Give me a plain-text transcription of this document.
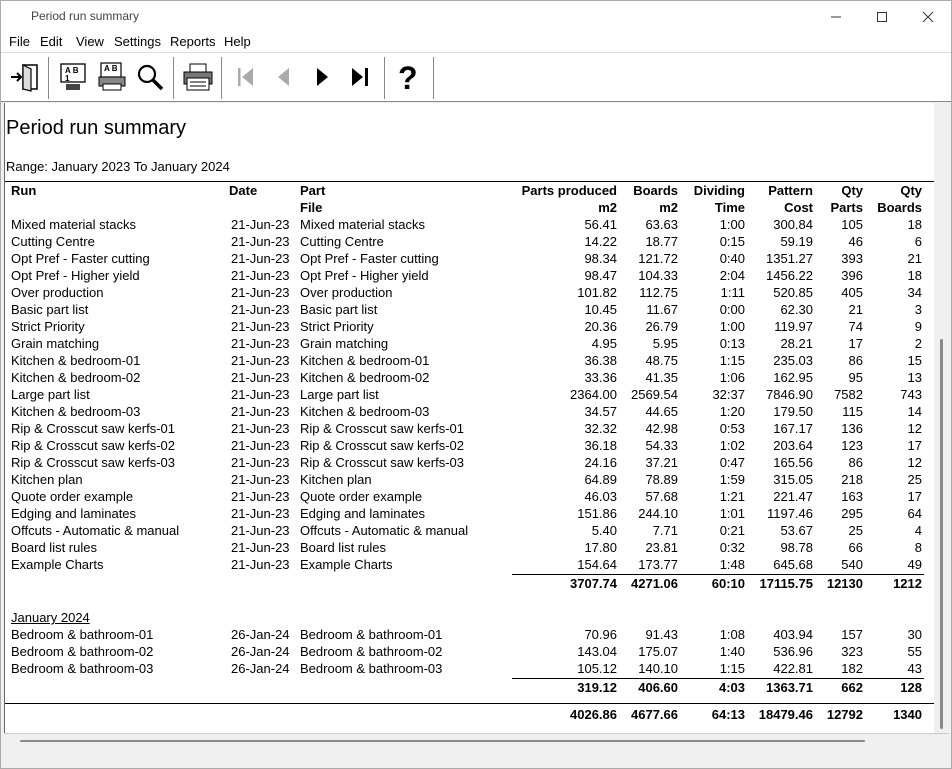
Period run summary
File Edit View Settings Reports Help
A B
1
A B	?
Period run summary
Range: January 2023 To January 2024
Run	Date	Part	Parts produced	Boards	Dividing	Pattern	Qty	Qty
File	m2	m2	Time	Cost	Parts	Boards
Mixed material stacks	21-Jun-23 Mixed material stacks	56.41	63.63	1:00	300.84	105	18
Cutting Centre	21-Jun-23 Cutting Centre	14.22	18.77	0:15	59.19	46	6
Opt Pref - Faster cutting	21-Jun-23 Opt Pref - Faster cutting	98.34	121.72	0:40	1351.27	393	21
Opt Pref - Higher yield	21-Jun-23 Opt Pref - Higher yield	98.47	104.33	2:04	1456.22	396	18
Over production	21-Jun-23 Over production	101.82	112.75	1:11	520.85	405	34
Basic part list	21-Jun-23 Basic part list	10.45	11.67	0:00	62.30	21	3
Strict Priority	21-Jun-23 Strict Priority	20.36	26.79	1:00	119.97	74	9
Grain matching	21-Jun-23 Grain matching	4.95	5.95	0:13	28.21	17	2
Kitchen & bedroom-01	21-Jun-23 Kitchen & bedroom-01	36.38	48.75	1:15	235.03	86	15
Kitchen & bedroom-02	21-Jun-23 Kitchen & bedroom-02	33.36	41.35	1:06	162.95	95	13
Large part list	21-Jun-23 Large part list	2364.00	2569.54	32:37	7846.90	7582	743
Kitchen & bedroom-03	21-Jun-23 Kitchen & bedroom-03	34.57	44.65	1:20	179.50	115	14
Rip & Crosscut saw kerfs-01	21-Jun-23 Rip & Crosscut saw kerfs-01	32.32	42.98	0:53	167.17	136	12
Rip & Crosscut saw kerfs-02	21-Jun-23 Rip & Crosscut saw kerfs-02	36.18	54.33	1:02	203.64	123	17
Rip & Crosscut saw kerfs-03	21-Jun-23 Rip & Crosscut saw kerfs-03	24.16	37.21	0:47	165.56	86	12
Kitchen plan	21-Jun-23 Kitchen plan	64.89	78.89	1:59	315.05	218	25
Quote order example	21-Jun-23 Quote order example	46.03	57.68	1:21	221.47	163	17
Edging and laminates	21-Jun-23 Edging and laminates	151.86	244.10	1:01	1197.46	295	64
Offcuts - Automatic & manual	21-Jun-23 Offcuts - Automatic & manual	5.40	7.71	0:21	53.67	25	4
Board list rules	21-Jun-23 Board list rules	17.80	23.81	0:32	98.78	66	8
Example Charts	21-Jun-23 Example Charts	154.64	173.77	1:48	645.68	540	49
3707.74	4271.06	60:10	17115.75	12130	1212
January 2024
Bedroom & bathroom-01	26-Jan-24 Bedroom & bathroom-01	70.96	91.43	1:08	403.94	157	30
Bedroom & bathroom-02	26-Jan-24 Bedroom & bathroom-02	143.04	175.07	1:40	536.96	323	55
Bedroom & bathroom-03	26-Jan-24 Bedroom & bathroom-03	105.12	140.10	1:15	422.81	182	43
319.12	406.60	4:03	1363.71	662	128
4026.86	4677.66	64:13	18479.46	12792	1340
